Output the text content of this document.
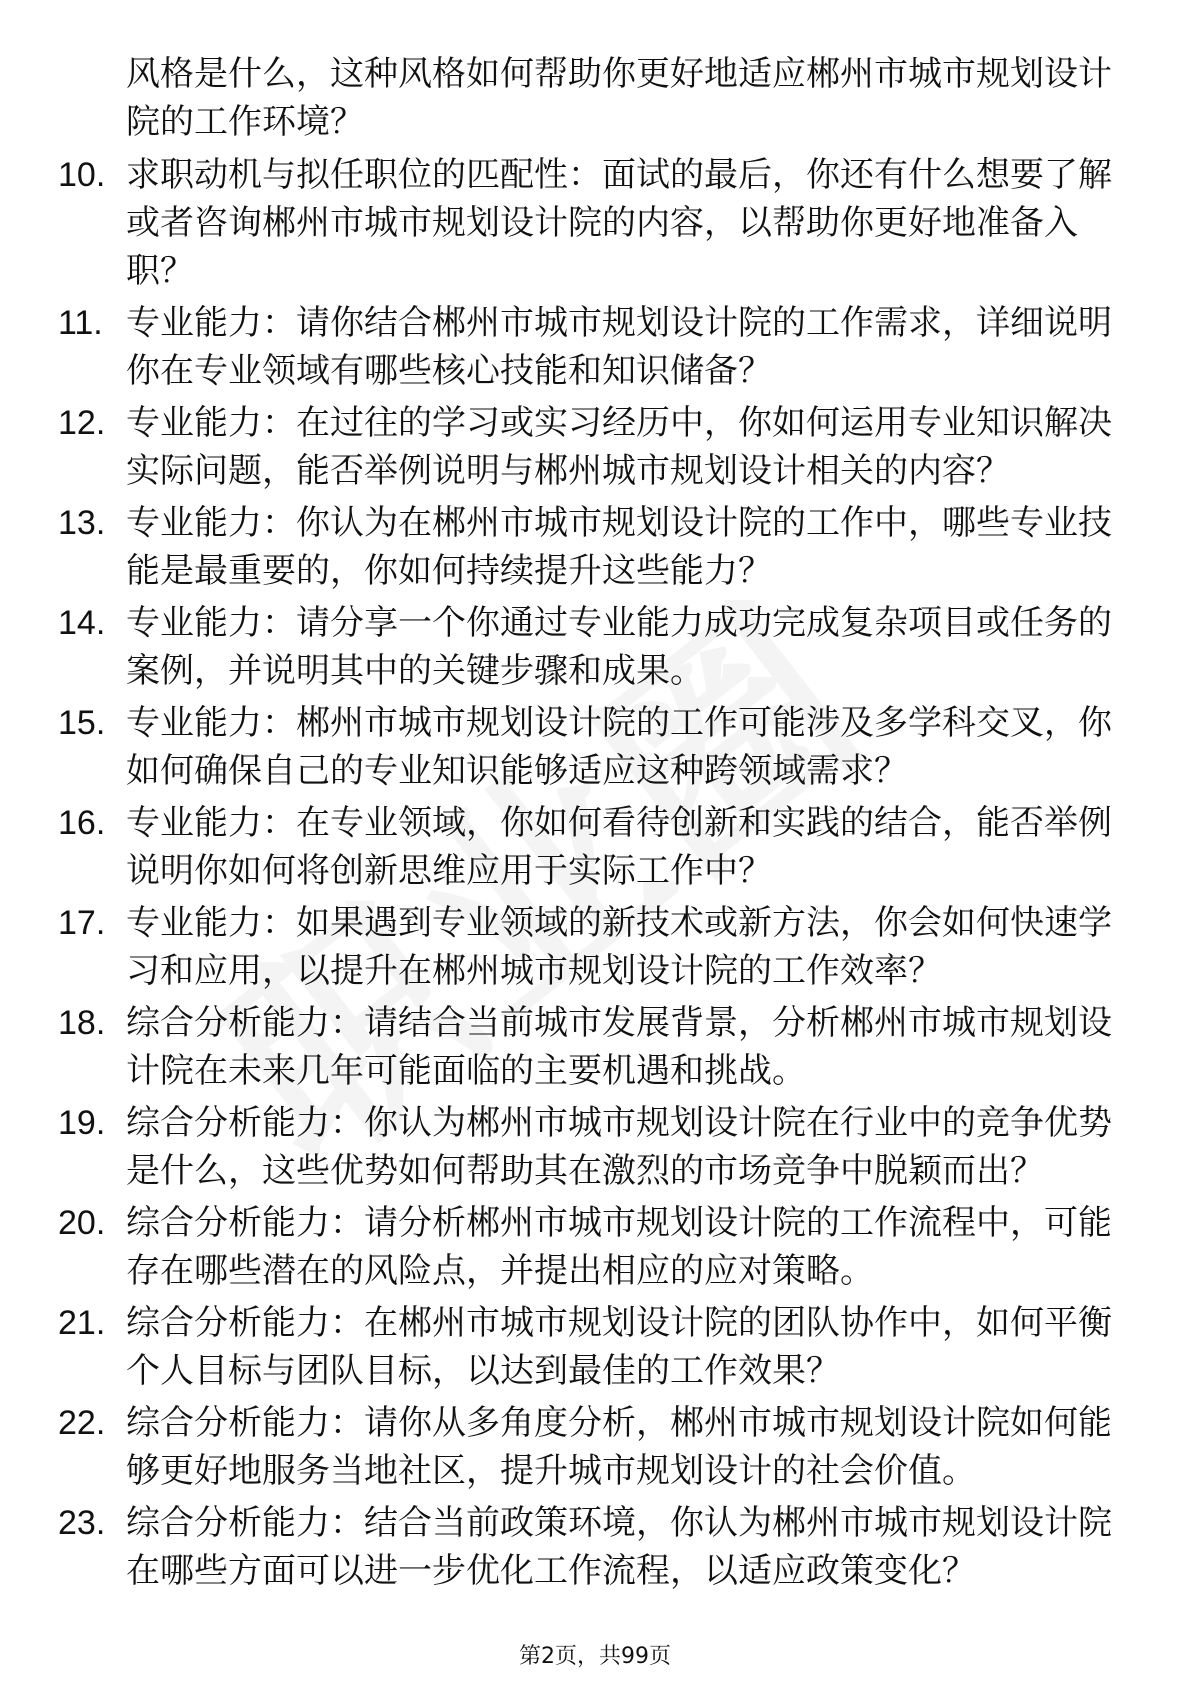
风格是什么，这种风格如何帮助你更好地适应郴州市城市规划设计院的工作环境？
10. 求职动机与拟任职位的匹配性：面试的最后，你还有什么想要了解或者咨询郴州市城市规划设计院的内容，以帮助你更好地准备入职？
11. 专业能力：请你结合郴州市城市规划设计院的工作需求，详细说明你在专业领域有哪些核心技能和知识储备？
12. 专业能力：在过往的学习或实习经历中，你如何运用专业知识解决实际问题，能否举例说明与郴州城市规划设计相关的内容？
13. 专业能力：你认为在郴州市城市规划设计院的工作中，哪些专业技能是最重要的，你如何持续提升这些能力？
14. 专业能力：请分享一个你通过专业能力成功完成复杂项目或任务的案例，并说明其中的关键步骤和成果。
15. 专业能力：郴州市城市规划设计院的工作可能涉及多学科交叉，你如何确保自己的专业知识能够适应这种跨领域需求？
16. 专业能力：在专业领域，你如何看待创新和实践的结合，能否举例说明你如何将创新思维应用于实际工作中？
17. 专业能力：如果遇到专业领域的新技术或新方法，你会如何快速学习和应用，以提升在郴州城市规划设计院的工作效率？
18. 综合分析能力：请结合当前城市发展背景，分析郴州市城市规划设计院在未来几年可能面临的主要机遇和挑战。
19. 综合分析能力：你认为郴州市城市规划设计院在行业中的竞争优势是什么，这些优势如何帮助其在激烈的市场竞争中脱颖而出？
20. 综合分析能力：请分析郴州市城市规划设计院的工作流程中，可能存在哪些潜在的风险点，并提出相应的应对策略。
21. 综合分析能力：在郴州市城市规划设计院的团队协作中，如何平衡个人目标与团队目标，以达到最佳的工作效果？
22. 综合分析能力：请你从多角度分析，郴州市城市规划设计院如何能够更好地服务当地社区，提升城市规划设计的社会价值。
23. 综合分析能力：结合当前政策环境，你认为郴州市城市规划设计院在哪些方面可以进一步优化工作流程，以适应政策变化？
第2页，共99页
